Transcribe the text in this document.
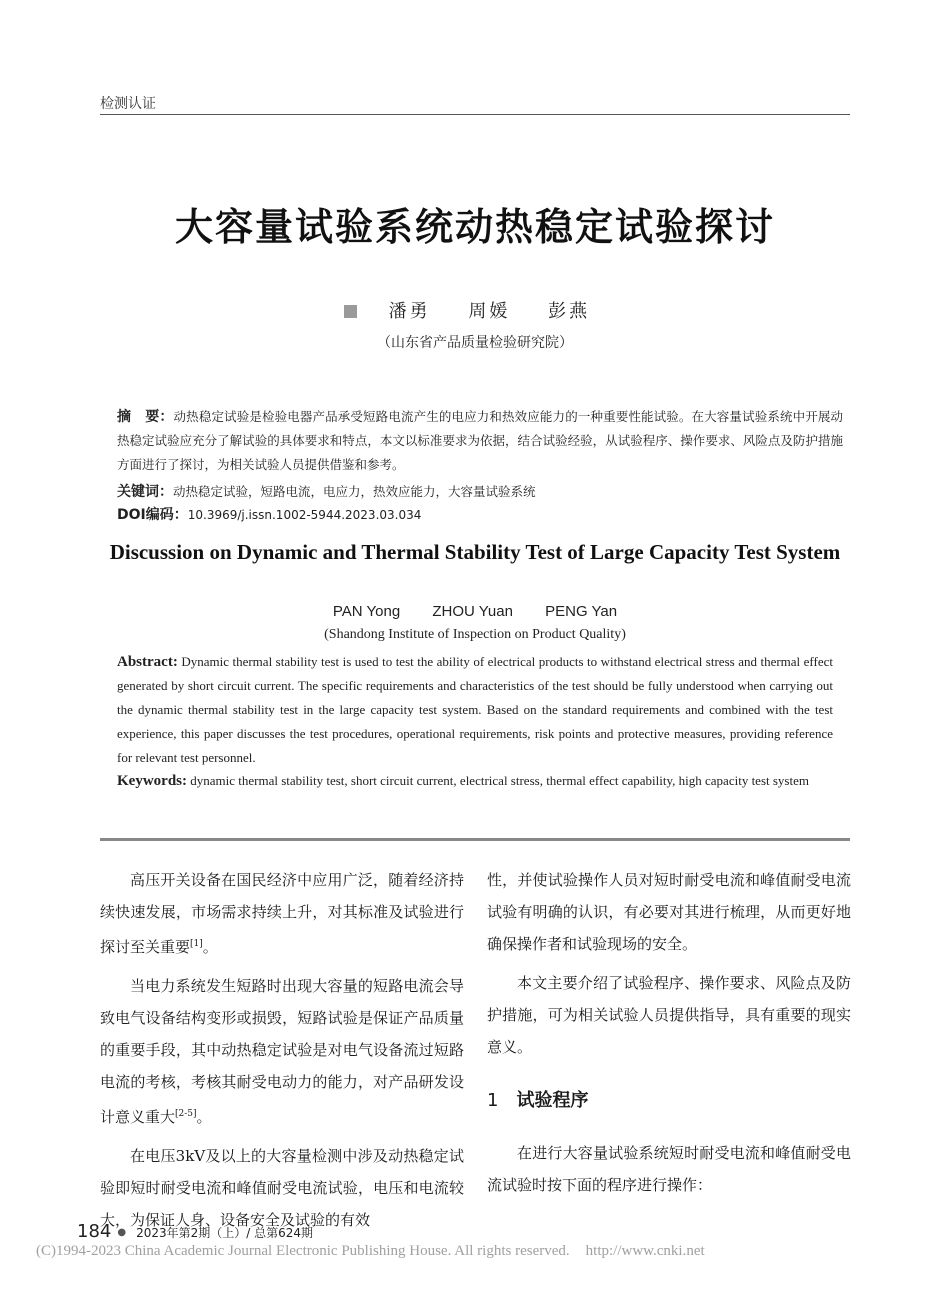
检测认证
大容量试验系统动热稳定试验探讨
潘勇 周媛 彭燕
（山东省产品质量检验研究院）
摘　要：动热稳定试验是检验电器产品承受短路电流产生的电应力和热效应能力的一种重要性能试验。在大容量试验系统中开展动热稳定试验应充分了解试验的具体要求和特点，本文以标准要求为依据，结合试验经验，从试验程序、操作要求、风险点及防护措施方面进行了探讨，为相关试验人员提供借鉴和参考。
关键词：动热稳定试验，短路电流，电应力，热效应能力，大容量试验系统
DOI编码：10.3969/j.issn.1002-5944.2023.03.034
Discussion on Dynamic and Thermal Stability Test of Large Capacity Test System
PAN Yong ZHOU Yuan PENG Yan
(Shandong Institute of Inspection on Product Quality)
Abstract: Dynamic thermal stability test is used to test the ability of electrical products to withstand electrical stress and thermal effect generated by short circuit current. The specific requirements and characteristics of the test should be fully understood when carrying out the dynamic thermal stability test in the large capacity test system. Based on the standard requirements and combined with the test experience, this paper discusses the test procedures, operational requirements, risk points and protective measures, providing reference for relevant test personnel.
Keywords: dynamic thermal stability test, short circuit current, electrical stress, thermal effect capability, high capacity test system

高压开关设备在国民经济中应用广泛，随着经济持续快速发展，市场需求持续上升，对其标准及试验进行探讨至关重要[1]。

当电力系统发生短路时出现大容量的短路电流会导致电气设备结构变形或损毁，短路试验是保证产品质量的重要手段，其中动热稳定试验是对电气设备流过短路电流的考核，考核其耐受电动力的能力，对产品研发设计意义重大[2-5]。

在电压3kV及以上的大容量检测中涉及动热稳定试验即短时耐受电流和峰值耐受电流试验，电压和电流较大，为保证人身、设备安全及试验的有效

性，并使试验操作人员对短时耐受电流和峰值耐受电流试验有明确的认识，有必要对其进行梳理，从而更好地确保操作者和试验现场的安全。

本文主要介绍了试验程序、操作要求、风险点及防护措施，可为相关试验人员提供指导，具有重要的现实意义。

1 试验程序

在进行大容量试验系统短时耐受电流和峰值耐受电流试验时按下面的程序进行操作：

184 ● 2023年第2期（上）/ 总第624期
(C)1994-2023 China Academic Journal Electronic Publishing House. All rights reserved. http://www.cnki.net
